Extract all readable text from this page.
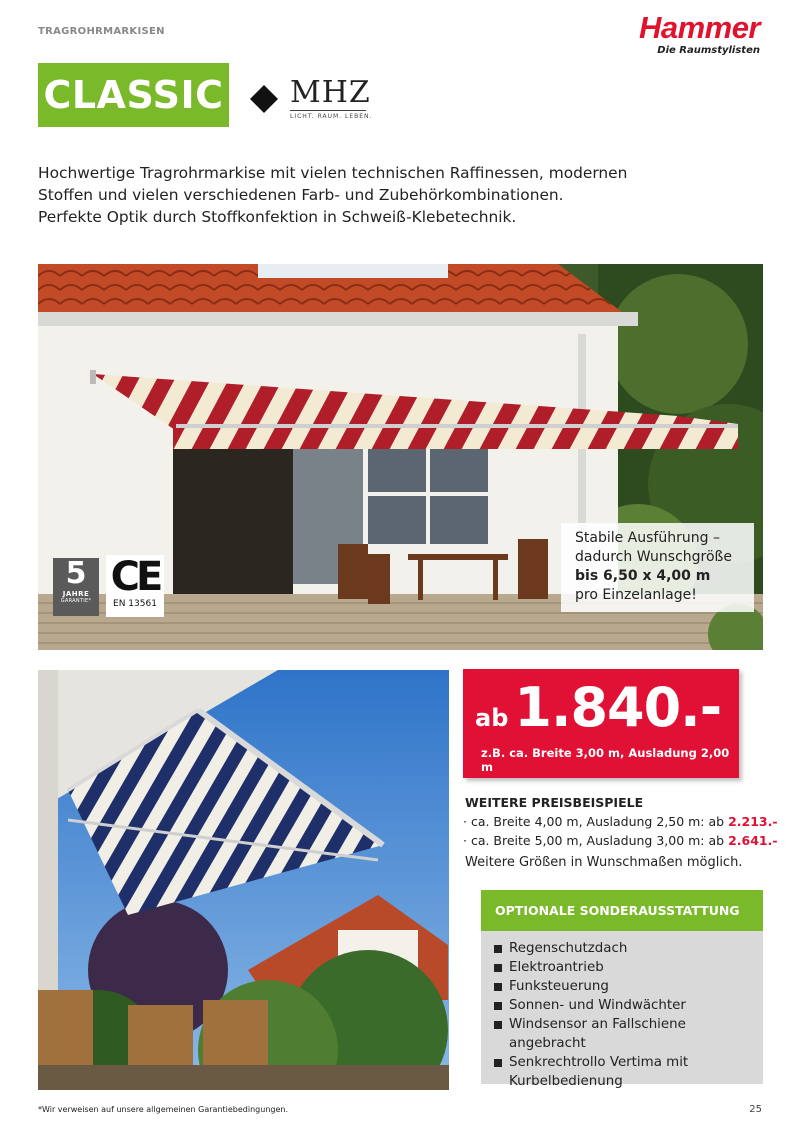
TRAGROHRMARKISEN	Hammer
Die Raumstylisten
CLASSIC MHZ
LICHT. RAUM. LEBEN.
Hochwertige Tragrohrmarkise mit vielen technischen Raffinessen, modernen
Stoffen und vielen verschiedenen Farb- und Zubehörkombinationen.
Perfekte Optik durch Stoffkonfektion in Schweiß-Klebetechnik.
Stabile Ausführung –
dadurch Wunschgröße
bis 6,50 x 4,00 m
pro Einzelanlage!
5
JAHRE
GARANTIE*
CE
EN 13561
ab 1.840.-
z.B. ca. Breite 3,00 m, Ausladung 2,00 m
WEITERE PREISBEISPIELE
· ca. Breite 4,00 m, Ausladung 2,50 m: ab 2.213.-
· ca. Breite 5,00 m, Ausladung 3,00 m: ab 2.641.-
Weitere Größen in Wunschmaßen möglich.
OPTIONALE SONDERAUSSTATTUNG
Regenschutzdach
Elektroantrieb
Funksteuerung
Sonnen- und Windwächter
Windsensor an Fallschiene angebracht
Senkrechtrollo Vertima mit
Kurbelbedienung
*Wir verweisen auf unsere allgemeinen Garantiebedingungen.	25
